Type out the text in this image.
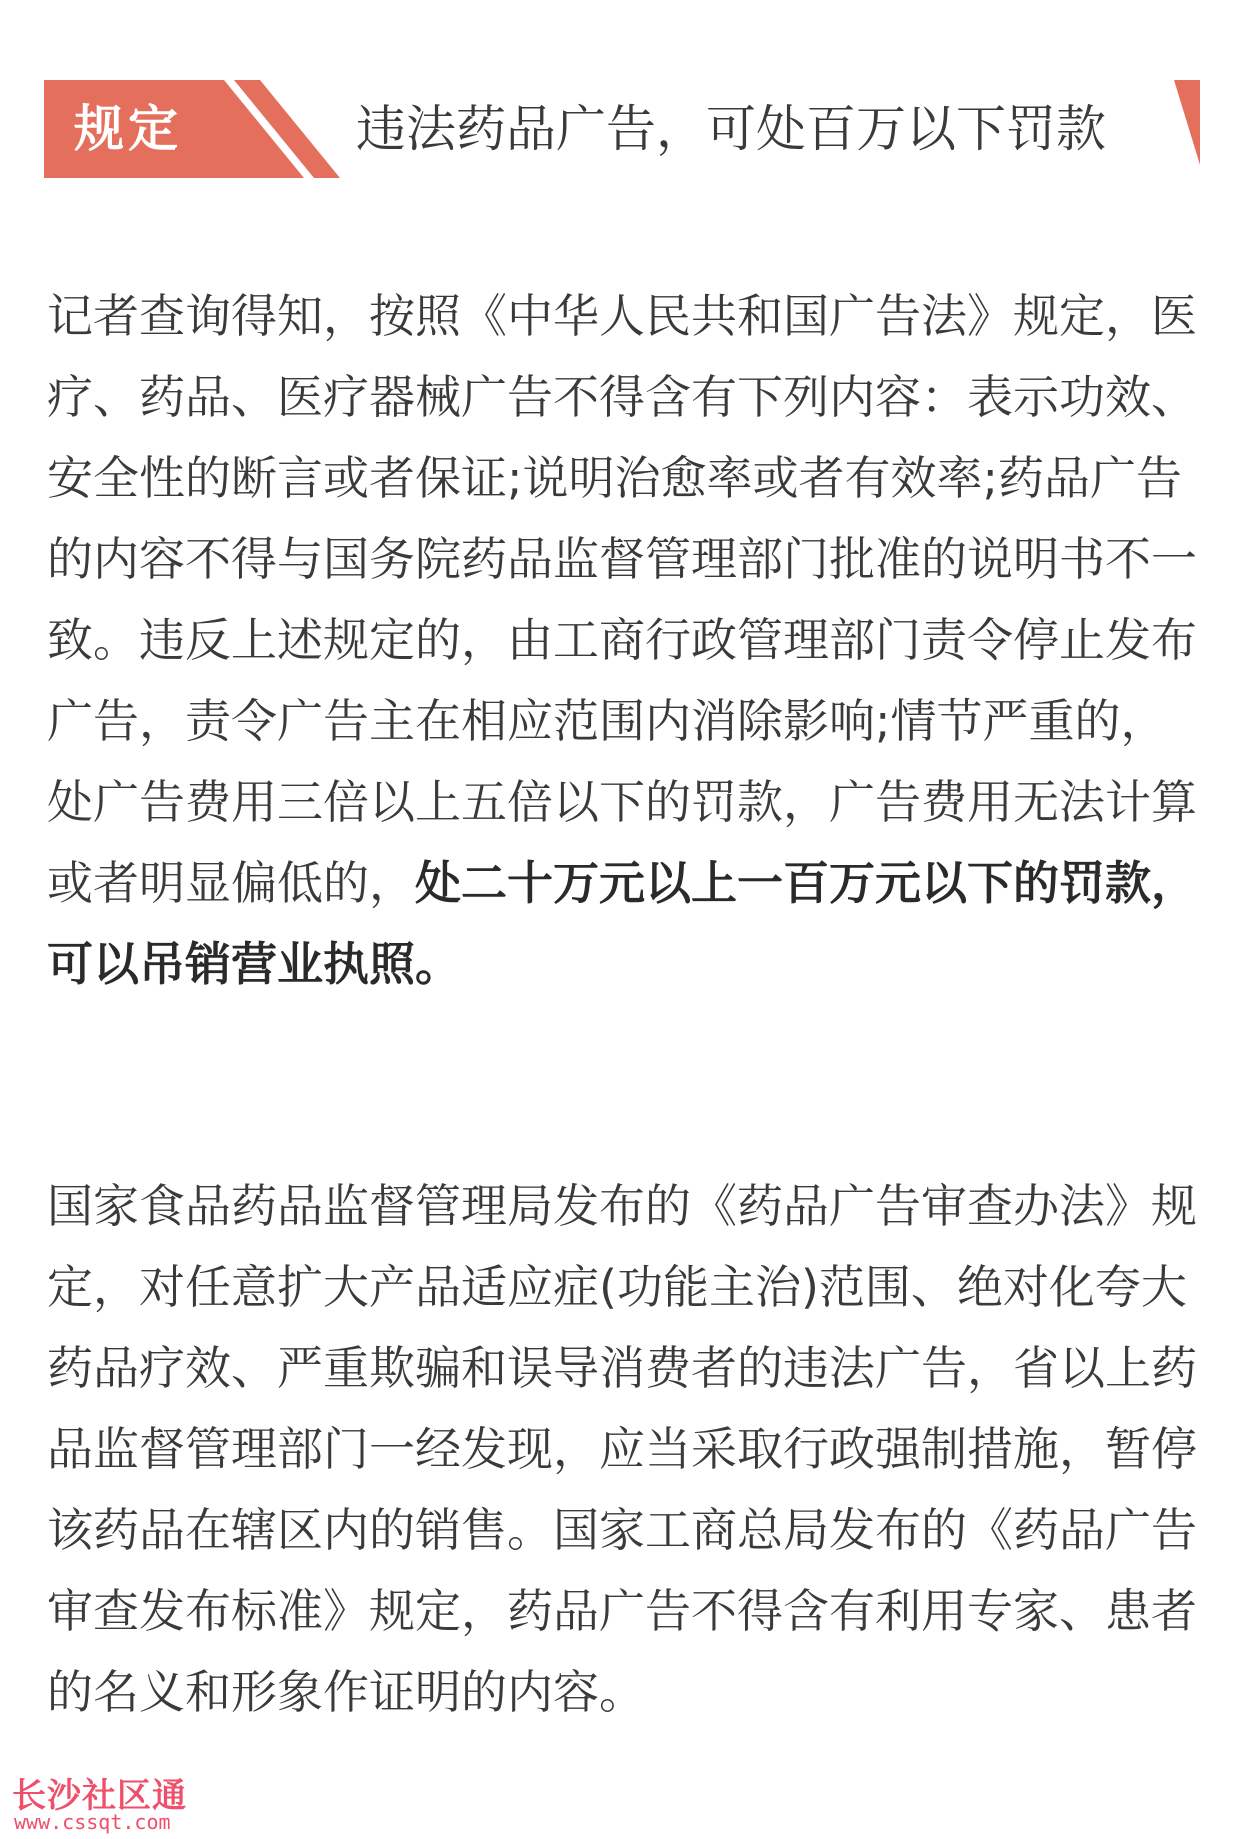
规定	违法药品广告，可处百万以下罚款

记者查询得知，按照《中华人民共和国广告法》规定，医疗、药品、医疗器械广告不得含有下列内容：表示功效、安全性的断言或者保证;说明治愈率或者有效率;药品广告的内容不得与国务院药品监督管理部门批准的说明书不一致。违反上述规定的，由工商行政管理部门责令停止发布广告，责令广告主在相应范围内消除影响;情节严重的，处广告费用三倍以上五倍以下的罚款，广告费用无法计算或者明显偏低的，处二十万元以上一百万元以下的罚款，可以吊销营业执照。

国家食品药品监督管理局发布的《药品广告审查办法》规定，对任意扩大产品适应症(功能主治)范围、绝对化夸大药品疗效、严重欺骗和误导消费者的违法广告，省以上药品监督管理部门一经发现，应当采取行政强制措施，暂停该药品在辖区内的销售。国家工商总局发布的《药品广告审查发布标准》规定，药品广告不得含有利用专家、患者的名义和形象作证明的内容。

长沙社区通
www.cssqt.com
